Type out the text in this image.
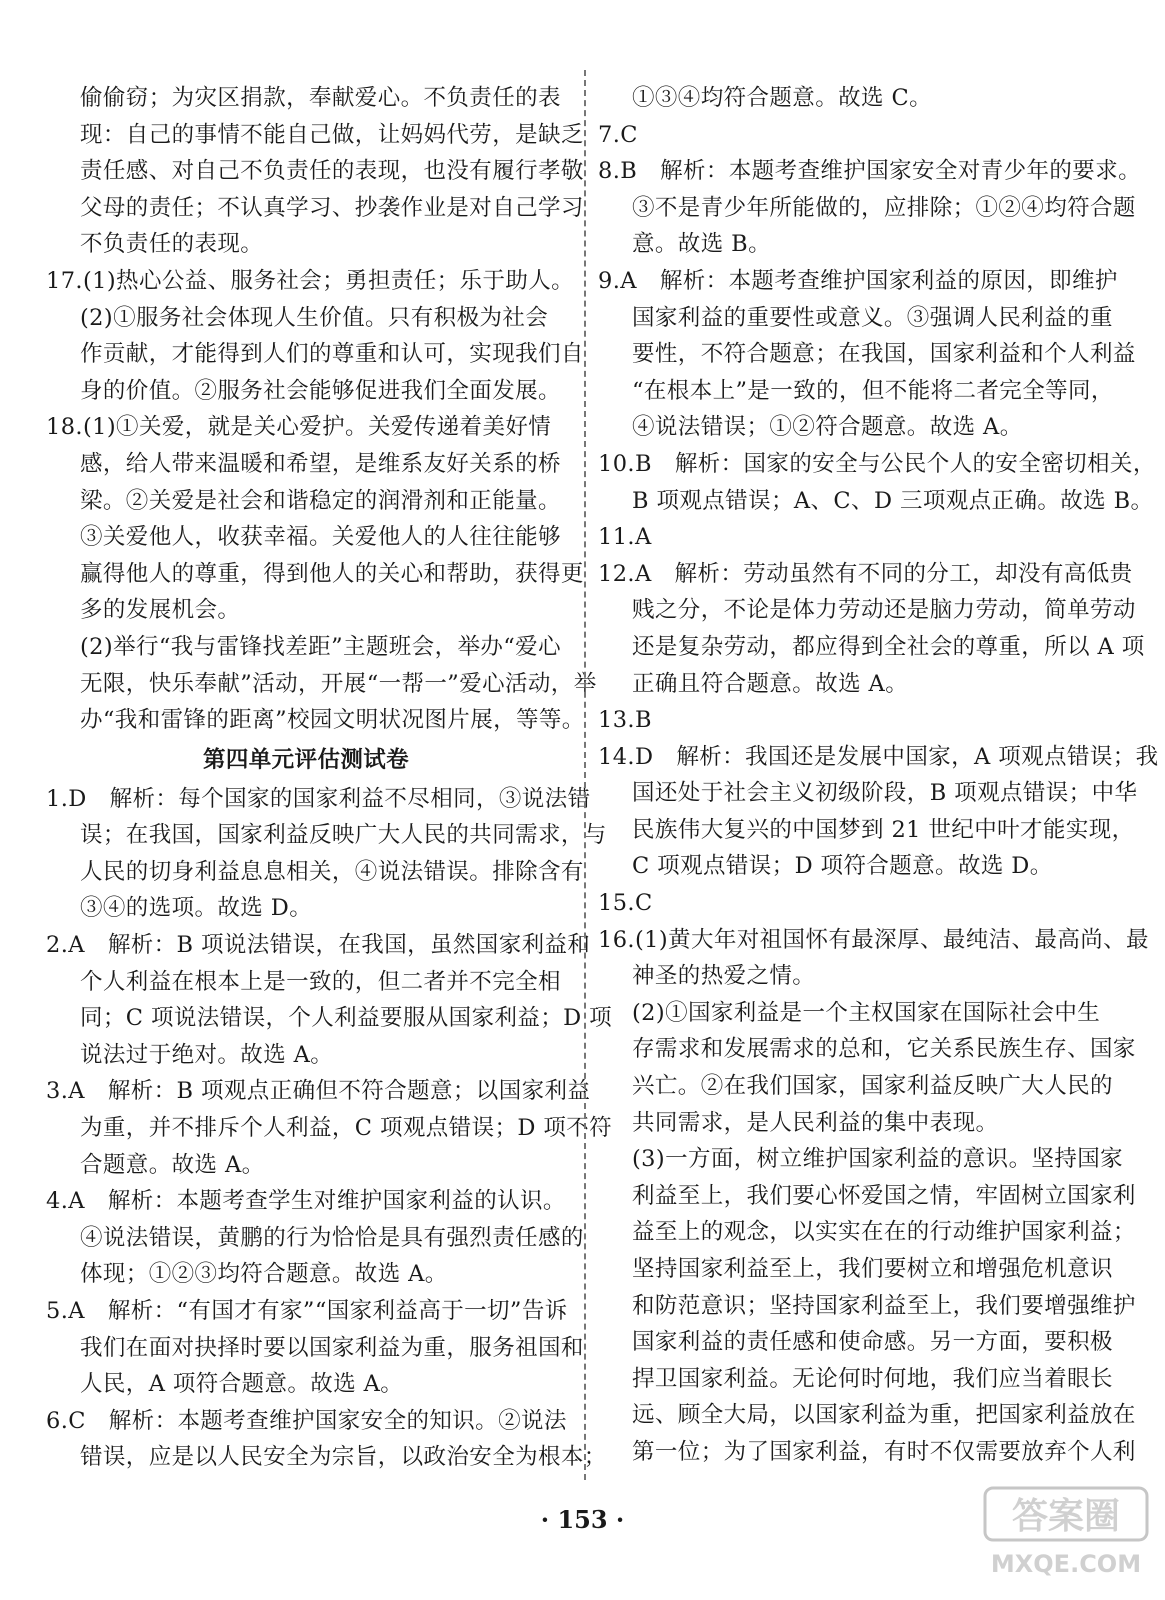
偷偷窃；为灾区捐款，奉献爱心。不负责任的表
现：自己的事情不能自己做，让妈妈代劳，是缺乏
责任感、对自己不负责任的表现，也没有履行孝敬
父母的责任；不认真学习、抄袭作业是对自己学习
不负责任的表现。
17.(1)热心公益、服务社会；勇担责任；乐于助人。
(2)①服务社会体现人生价值。只有积极为社会
作贡献，才能得到人们的尊重和认可，实现我们自
身的价值。②服务社会能够促进我们全面发展。
18.(1)①关爱，就是关心爱护。关爱传递着美好情
感，给人带来温暖和希望，是维系友好关系的桥
梁。②关爱是社会和谐稳定的润滑剂和正能量。
③关爱他人，收获幸福。关爱他人的人往往能够
赢得他人的尊重，得到他人的关心和帮助，获得更
多的发展机会。
(2)举行“我与雷锋找差距”主题班会，举办“爱心
无限，快乐奉献”活动，开展“一帮一”爱心活动，举
办“我和雷锋的距离”校园文明状况图片展，等等。
第四单元评估测试卷
1.D　解析：每个国家的国家利益不尽相同，③说法错
误；在我国，国家利益反映广大人民的共同需求，与
人民的切身利益息息相关，④说法错误。排除含有
③④的选项。故选 D。
2.A　解析：B 项说法错误，在我国，虽然国家利益和
个人利益在根本上是一致的，但二者并不完全相
同；C 项说法错误，个人利益要服从国家利益；D 项
说法过于绝对。故选 A。
3.A　解析：B 项观点正确但不符合题意；以国家利益
为重，并不排斥个人利益，C 项观点错误；D 项不符
合题意。故选 A。
4.A　解析：本题考查学生对维护国家利益的认识。
④说法错误，黄鹏的行为恰恰是具有强烈责任感的
体现；①②③均符合题意。故选 A。
5.A　解析：“有国才有家”“国家利益高于一切”告诉
我们在面对抉择时要以国家利益为重，服务祖国和
人民，A 项符合题意。故选 A。
6.C　解析：本题考查维护国家安全的知识。②说法
错误，应是以人民安全为宗旨，以政治安全为根本；
①③④均符合题意。故选 C。
7.C
8.B　解析：本题考查维护国家安全对青少年的要求。
③不是青少年所能做的，应排除；①②④均符合题
意。故选 B。
9.A　解析：本题考查维护国家利益的原因，即维护
国家利益的重要性或意义。③强调人民利益的重
要性，不符合题意；在我国，国家利益和个人利益
“在根本上”是一致的，但不能将二者完全等同，
④说法错误；①②符合题意。故选 A。
10.B　解析：国家的安全与公民个人的安全密切相关，
B 项观点错误；A、C、D 三项观点正确。故选 B。
11.A
12.A　解析：劳动虽然有不同的分工，却没有高低贵
贱之分，不论是体力劳动还是脑力劳动，简单劳动
还是复杂劳动，都应得到全社会的尊重，所以 A 项
正确且符合题意。故选 A。
13.B
14.D　解析：我国还是发展中国家，A 项观点错误；我
国还处于社会主义初级阶段，B 项观点错误；中华
民族伟大复兴的中国梦到 21 世纪中叶才能实现，
C 项观点错误；D 项符合题意。故选 D。
15.C
16.(1)黄大年对祖国怀有最深厚、最纯洁、最高尚、最
神圣的热爱之情。
(2)①国家利益是一个主权国家在国际社会中生
存需求和发展需求的总和，它关系民族生存、国家
兴亡。②在我们国家，国家利益反映广大人民的
共同需求，是人民利益的集中表现。
(3)一方面，树立维护国家利益的意识。坚持国家
利益至上，我们要心怀爱国之情，牢固树立国家利
益至上的观念，以实实在在的行动维护国家利益；
坚持国家利益至上，我们要树立和增强危机意识
和防范意识；坚持国家利益至上，我们要增强维护
国家利益的责任感和使命感。另一方面，要积极
捍卫国家利益。无论何时何地，我们应当着眼长
远、顾全大局，以国家利益为重，把国家利益放在
第一位；为了国家利益，有时不仅需要放弃个人利
· 153 ·	答案圈
MXQE.COM
